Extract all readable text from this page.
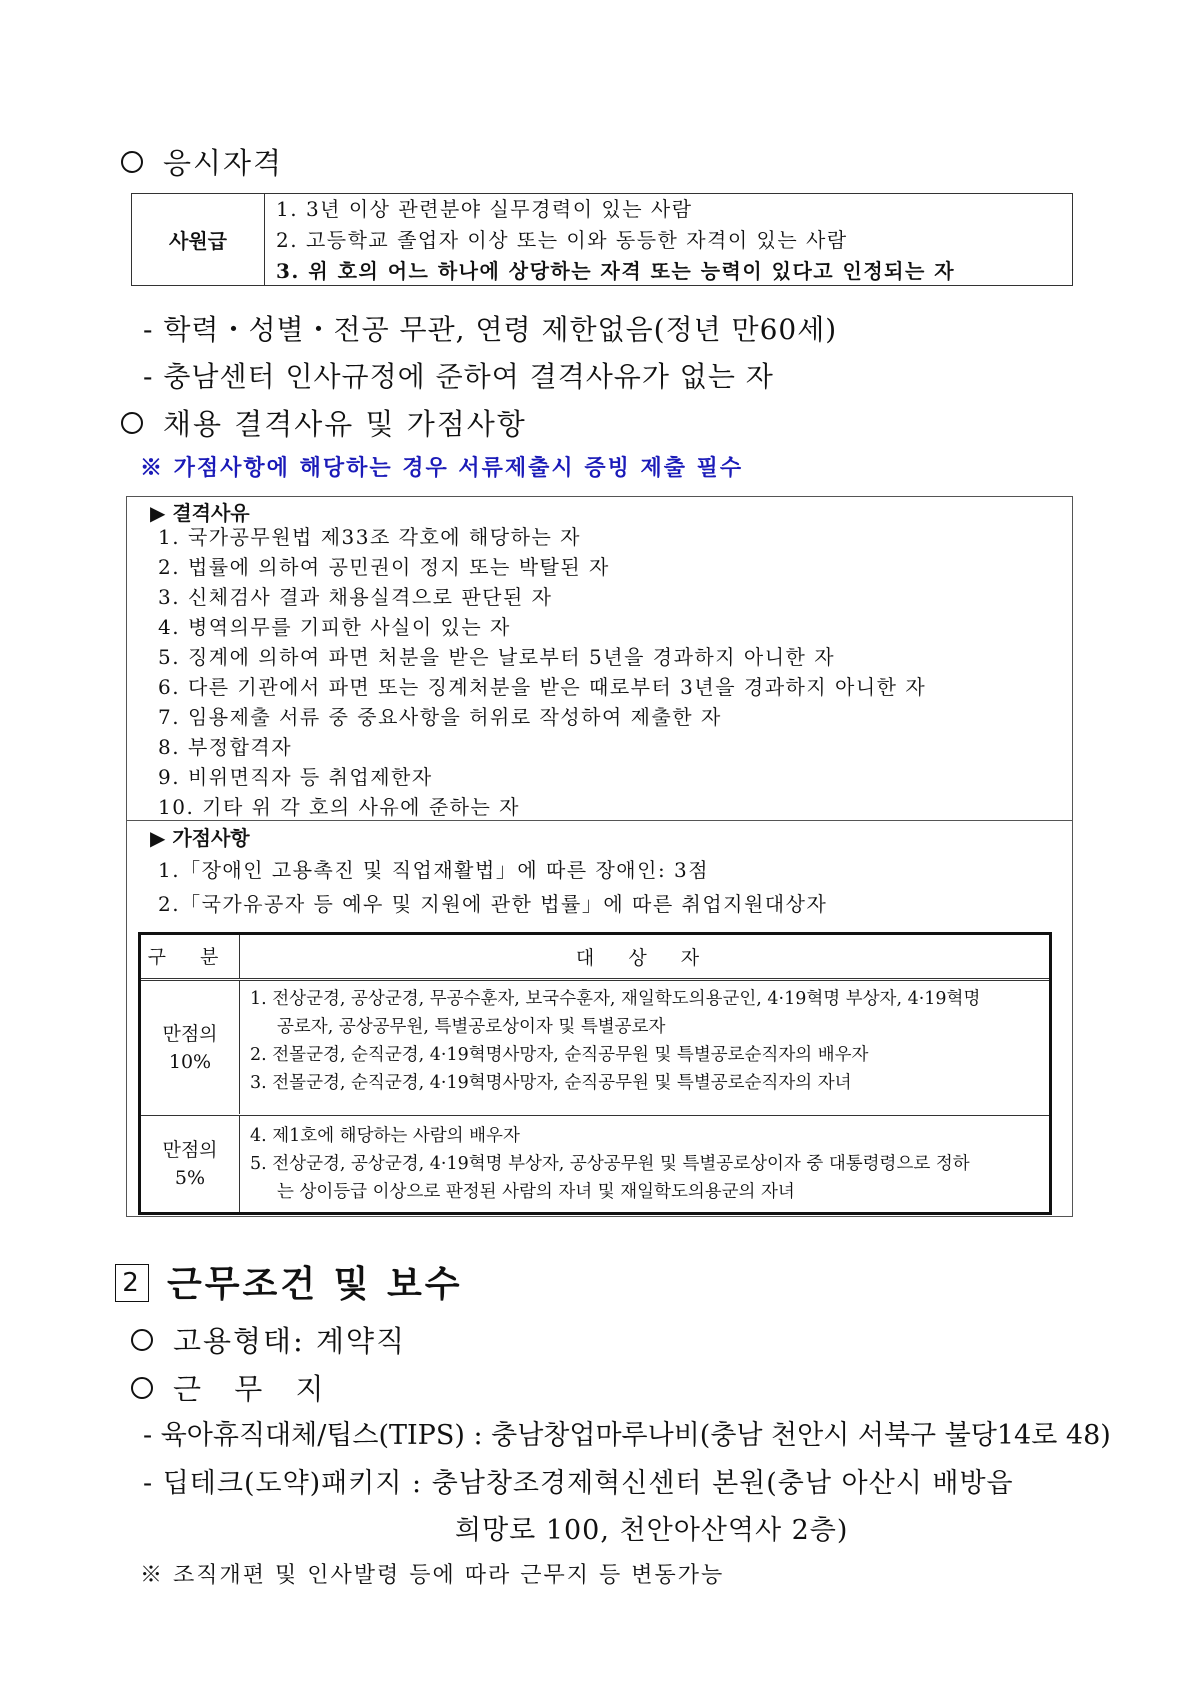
응시자격
사원급
1. 3년 이상 관련분야 실무경력이 있는 사람
2. 고등학교 졸업자 이상 또는 이와 동등한 자격이 있는 사람
3. 위 호의 어느 하나에 상당하는 자격 또는 능력이 있다고 인정되는 자
- 학력・성별・전공 무관, 연령 제한없음(정년 만60세)
- 충남센터 인사규정에 준하여 결격사유가 없는 자
채용 결격사유 및 가점사항
※ 가점사항에 해당하는 경우 서류제출시 증빙 제출 필수
▶ 결격사유
1. 국가공무원법 제33조 각호에 해당하는 자
2. 법률에 의하여 공민권이 정지 또는 박탈된 자
3. 신체검사 결과 채용실격으로 판단된 자
4. 병역의무를 기피한 사실이 있는 자
5. 징계에 의하여 파면 처분을 받은 날로부터 5년을 경과하지 아니한 자
6. 다른 기관에서 파면 또는 징계처분을 받은 때로부터 3년을 경과하지 아니한 자
7. 임용제출 서류 중 중요사항을 허위로 작성하여 제출한 자
8. 부정합격자
9. 비위면직자 등 취업제한자
10. 기타 위 각 호의 사유에 준하는 자
▶ 가점사항
1.「장애인 고용촉진 및 직업재활법」에 따른 장애인: 3점
2.「국가유공자 등 예우 및 지원에 관한 법률」에 따른 취업지원대상자
구 분	대 상 자
만점의
10%
1. 전상군경, 공상군경, 무공수훈자, 보국수훈자, 재일학도의용군인, 4·19혁명 부상자, 4·19혁명
공로자, 공상공무원, 특별공로상이자 및 특별공로자
2. 전몰군경, 순직군경, 4·19혁명사망자, 순직공무원 및 특별공로순직자의 배우자
3. 전몰군경, 순직군경, 4·19혁명사망자, 순직공무원 및 특별공로순직자의 자녀
만점의
5%
4. 제1호에 해당하는 사람의 배우자
5. 전상군경, 공상군경, 4·19혁명 부상자, 공상공무원 및 특별공로상이자 중 대통령령으로 정하
는 상이등급 이상으로 판정된 사람의 자녀 및 재일학도의용군의 자녀
2 근무조건 및 보수
고용형태: 계약직
근 무 지
- 육아휴직대체/팁스(TIPS) : 충남창업마루나비(충남 천안시 서북구 불당14로 48)
- 딥테크(도약)패키지 : 충남창조경제혁신센터 본원(충남 아산시 배방읍
희망로 100, 천안아산역사 2층)
※ 조직개편 및 인사발령 등에 따라 근무지 등 변동가능
